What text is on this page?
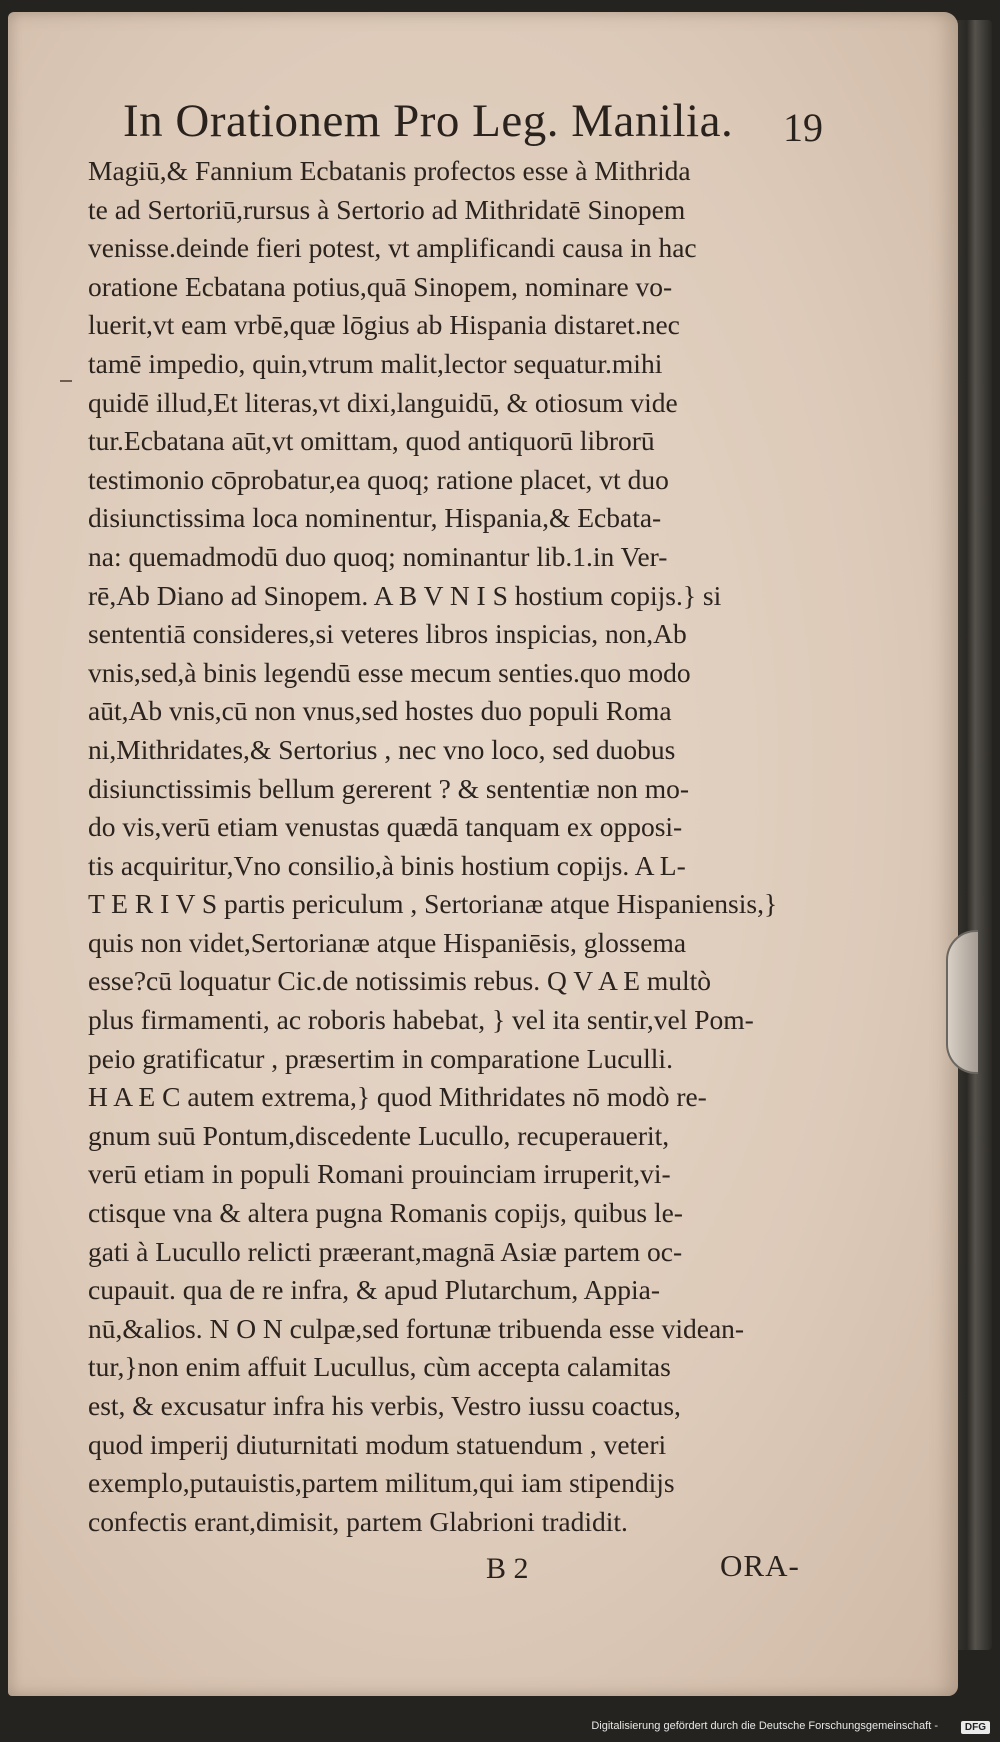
In Orationem Pro Leg. Manilia.	19
Magiū,& Fannium Ecbatanis profectos esse à Mithrida
te ad Sertoriū,rursus à Sertorio ad Mithridatē Sinopem
venisse.deinde fieri potest, vt amplificandi causa in hac
oratione Ecbatana potius,quā Sinopem, nominare vo-
luerit,vt eam vrbē,quæ lōgius ab Hispania distaret.nec
tamē impedio, quin,vtrum malit,lector sequatur.mihi
quidē illud,Et literas,vt dixi,languidū, & otiosum vide
tur.Ecbatana aūt,vt omittam, quod antiquorū librorū
testimonio cōprobatur,ea quoq; ratione placet, vt duo
disiunctissima loca nominentur, Hispania,& Ecbata-
na: quemadmodū duo quoq; nominantur lib.1.in Ver-
rē,Ab Diano ad Sinopem. A B V N I S hostium copijs.} si
sententiā consideres,si veteres libros inspicias, non,Ab
vnis,sed,à binis legendū esse mecum senties.quo modo
aūt,Ab vnis,cū non vnus,sed hostes duo populi Roma
ni,Mithridates,& Sertorius , nec vno loco, sed duobus
disiunctissimis bellum gererent ? & sententiæ non mo-
do vis,verū etiam venustas quædā tanquam ex opposi-
tis acquiritur,Vno consilio,à binis hostium copijs. A L-
T E R I V S partis periculum , Sertorianæ atque Hispaniensis,}
quis non videt,Sertorianæ atque Hispaniēsis, glossema
esse?cū loquatur Cic.de notissimis rebus. Q V A E multò
plus firmamenti, ac roboris habebat, } vel ita sentir,vel Pom-
peio gratificatur , præsertim in comparatione Luculli.
H A E C autem extrema,} quod Mithridates nō modò re-
gnum suū Pontum,discedente Lucullo, recuperauerit,
verū etiam in populi Romani prouinciam irruperit,vi-
ctisque vna & altera pugna Romanis copijs, quibus le-
gati à Lucullo relicti præerant,magnā Asiæ partem oc-
cupauit. qua de re infra, & apud Plutarchum, Appia-
nū,&alios. N O N culpæ,sed fortunæ tribuenda esse videan-
tur,}non enim affuit Lucullus, cùm accepta calamitas
est, & excusatur infra his verbis, Vestro iussu coactus,
quod imperij diuturnitati modum statuendum , veteri
exemplo,putauistis,partem militum,qui iam stipendijs
confectis erant,dimisit, partem Glabrioni tradidit.
B 2	ORA-
Digitalisierung gefördert durch die Deutsche Forschungsgemeinschaft -	DFG
